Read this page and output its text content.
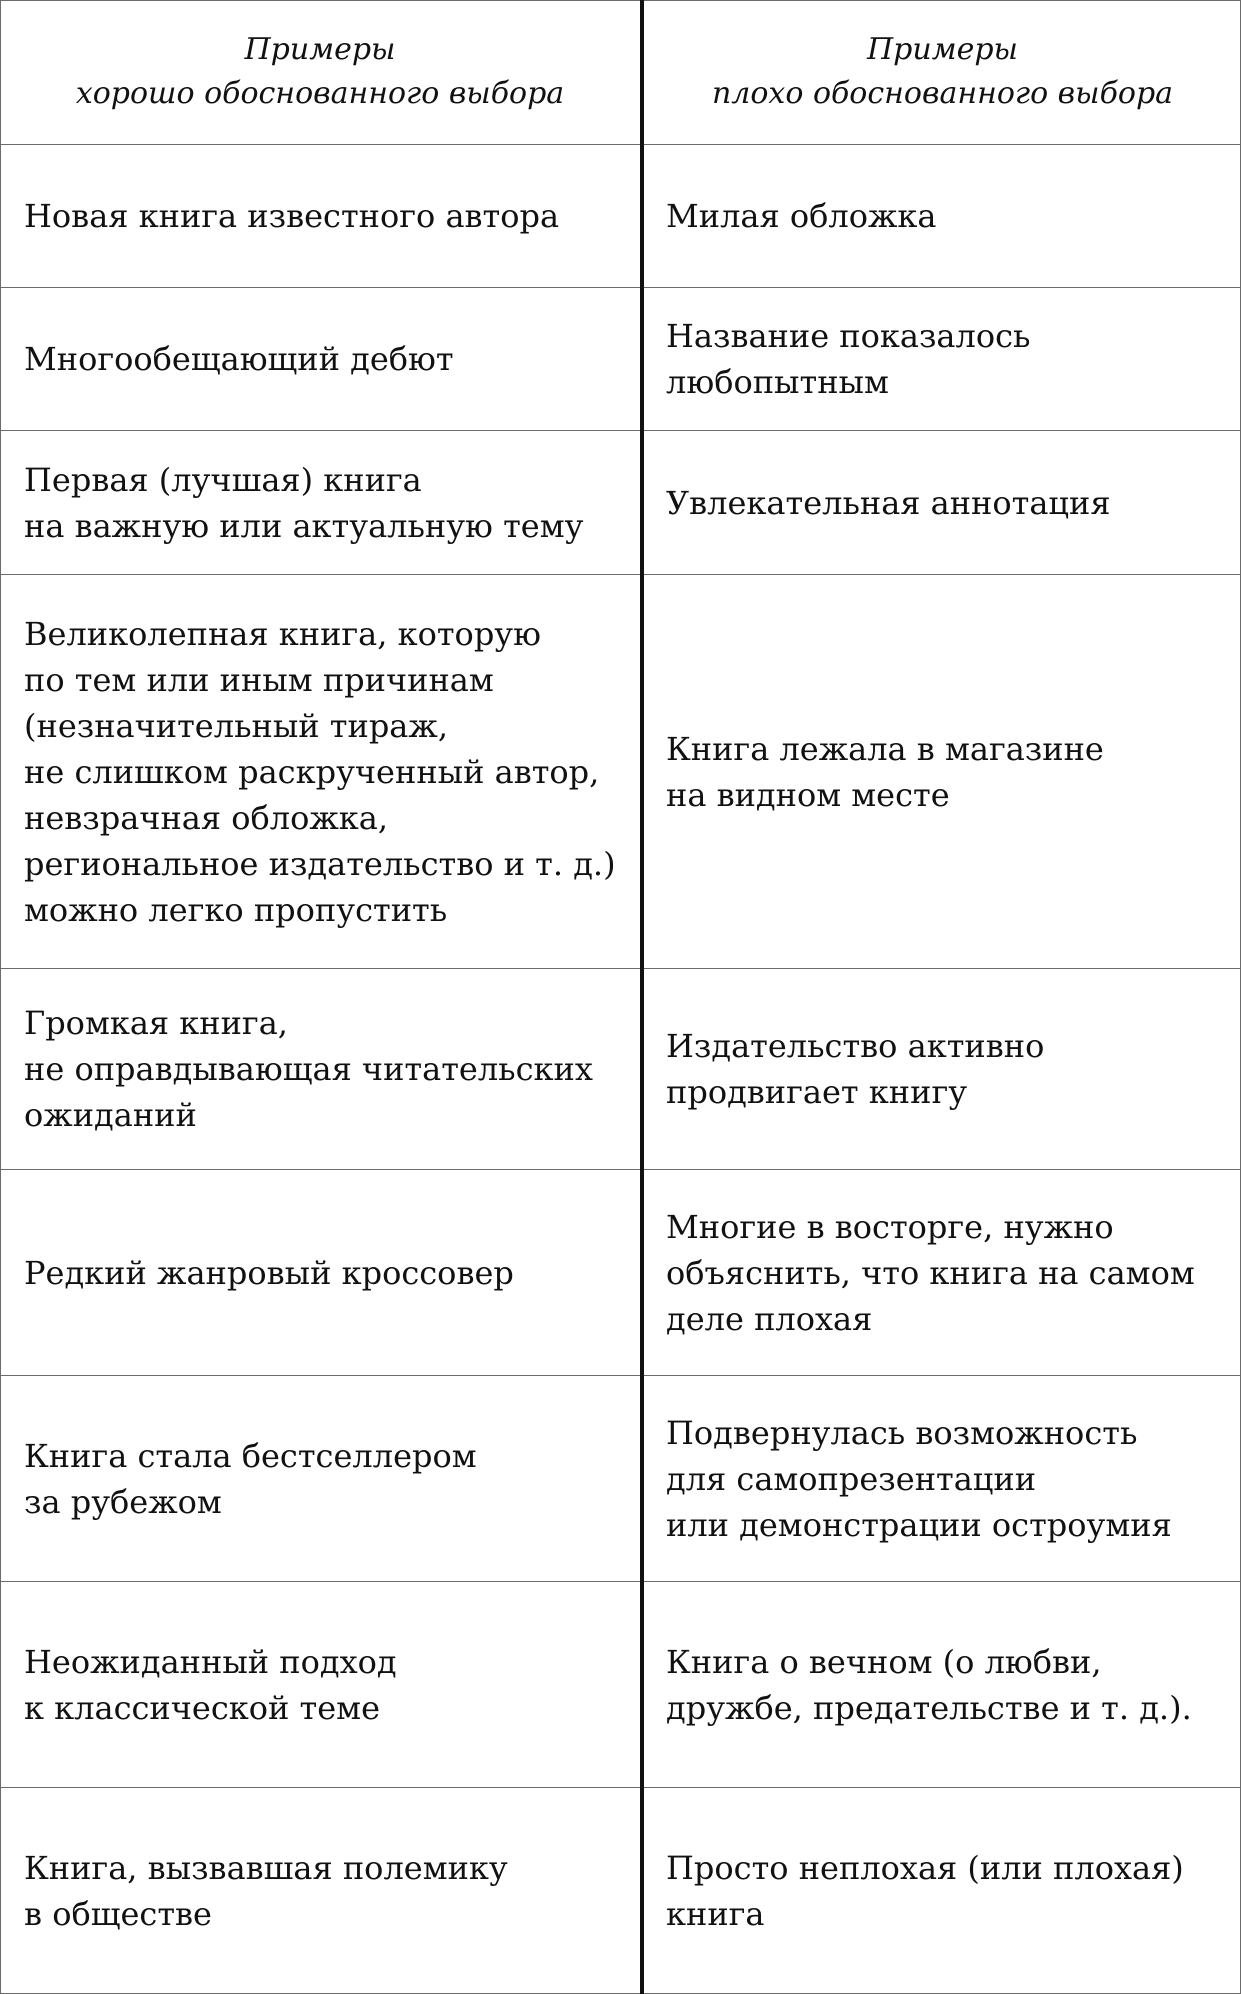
Примеры
хорошо обоснованного выбора
Примеры
плохо обоснованного выбора
Новая книга известного автора	Милая обложка
Многообещающий дебют
Название показалось
любопытным
Первая (лучшая) книга
на важную или актуальную тему
Увлекательная аннотация
Великолепная книга, которую
по тем или иным причинам
(незначительный тираж,
не слишком раскрученный автор,
невзрачная обложка,
региональное издательство и т. д.)
можно легко пропустить
Книга лежала в магазине
на видном месте
Громкая книга,
не оправдывающая читательских
ожиданий
Издательство активно
продвигает книгу
Редкий жанровый кроссовер
Многие в восторге, нужно
объяснить, что книга на самом
деле плохая
Книга стала бестселлером
за рубежом
Подвернулась возможность
для самопрезентации
или демонстрации остроумия
Неожиданный подход
к классической теме
Книга о вечном (о любви,
дружбе, предательстве и т. д.).
Книга, вызвавшая полемику
в обществе
Просто неплохая (или плохая)
книга
